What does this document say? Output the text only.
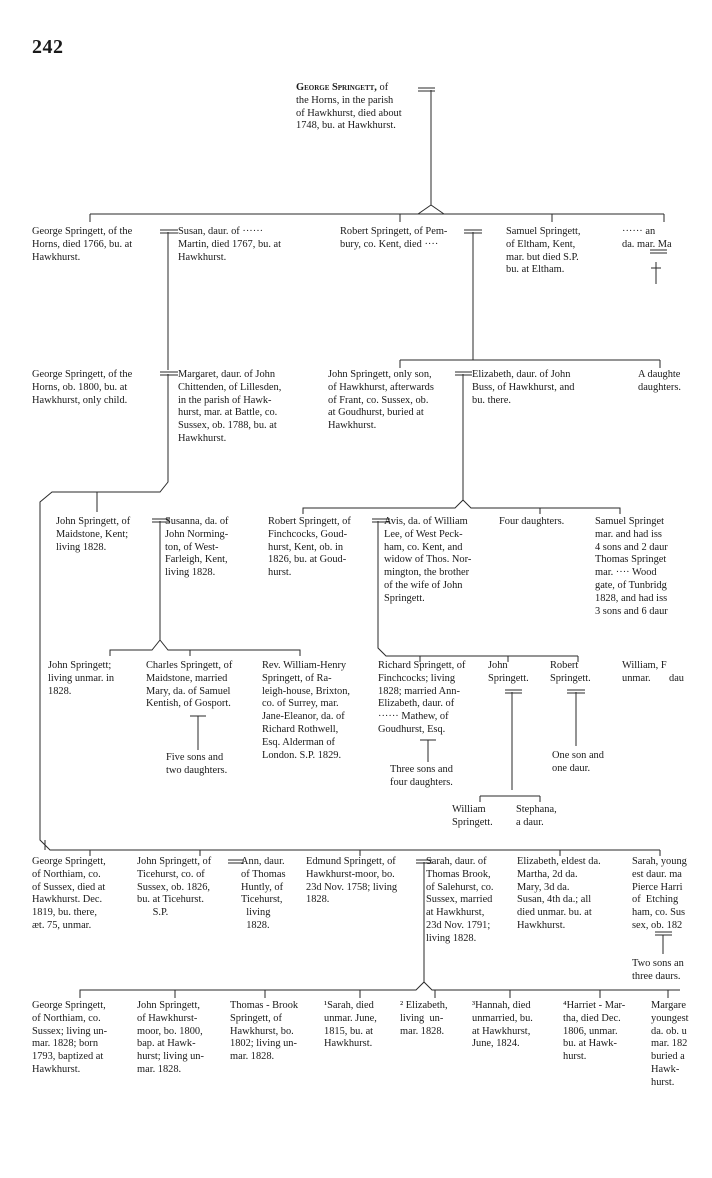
242
George Springett, of
the Horns, in the parish
of Hawkhurst, died about
1748, bu. at Hawkhurst.
George Springett, of the
Horns, died 1766, bu. at
Hawkhurst.
Susan, daur. of ······
Martin, died 1767, bu. at
Hawkhurst.
Robert Springett, of Pem-
bury, co. Kent, died ····
Samuel Springett,
of Eltham, Kent,
mar. but died S.P.
bu. at Eltham.
······ an
da. mar. Ma
George Springett, of the
Horns, ob. 1800, bu. at
Hawkhurst, only child.
Margaret, daur. of John
Chittenden, of Lillesden,
in the parish of Hawk-
hurst, mar. at Battle, co.
Sussex, ob. 1788, bu. at
Hawkhurst.
John Springett, only son,
of Hawkhurst, afterwards
of Frant, co. Sussex, ob.
at Goudhurst, buried at
Hawkhurst.
Elizabeth, daur. of John
Buss, of Hawkhurst, and
bu. there.
A daughte
daughters.
John Springett, of
Maidstone, Kent;
living 1828.
Susanna, da. of
John Norming-
ton, of West-
Farleigh, Kent,
living 1828.
Robert Springett, of
Finchcocks, Goud-
hurst, Kent, ob. in
1826, bu. at Goud-
hurst.
Avis, da. of William
Lee, of West Peck-
ham, co. Kent, and
widow of Thos. Nor-
mington, the brother
of the wife of John
Springett.
Four daughters.	Samuel Springet
mar. and had iss
4 sons and 2 daur
Thomas Springet
mar. ···· Wood
gate, of Tunbridg
1828, and had iss
3 sons and 6 daur
John Springett;
living unmar. in
1828.
Charles Springett, of
Maidstone, married
Mary, da. of Samuel
Kentish, of Gosport.
Five sons and
two daughters.
Rev. William-Henry
Springett, of Ra-
leigh-house, Brixton,
co. of Surrey, mar.
Jane-Eleanor, da. of
Richard Rothwell,
Esq. Alderman of
London. S.P. 1829.
Richard Springett, of
Finchcocks; living
1828; married Ann-
Elizabeth, daur. of
······ Mathew, of
Goudhurst, Esq.
Three sons and
four daughters.
John
Springett.
Robert
Springett.
One son and
one daur.
William, F
unmar.	dau
William
Springett.
Stephana,
a daur.
George Springett,
of Northiam, co.
of Sussex, died at
Hawkhurst. Dec.
1819, bu. there,
æt. 75, unmar.
John Springett, of
Ticehurst, co. of
Sussex, ob. 1826,
bu. at Ticehurst.
S.P.
Ann, daur.
of Thomas
Huntly, of
Ticehurst,
living
1828.
Edmund Springett, of
Hawkhurst-moor, bo.
23d Nov. 1758; living
1828.
Sarah, daur. of
Thomas Brook,
of Salehurst, co.
Sussex, married
at Hawkhurst,
23d Nov. 1791;
living 1828.
Elizabeth, eldest da.
Martha, 2d da.
Mary, 3d da.
Susan, 4th da.; all
died unmar. bu. at
Hawkhurst.
Sarah, young
est daur. ma
Pierce Harri
of  Etching
ham, co. Sus
sex, ob. 182
Two sons an
three daurs.
George Springett,
of Northiam, co.
Sussex; living un-
mar. 1828; born
1793, baptized at
Hawkhurst.
John Springett,
of Hawkhurst-
moor, bo. 1800,
bap. at Hawk-
hurst; living un-
mar. 1828.
Thomas - Brook
Springett, of
Hawkhurst, bo.
1802; living un-
mar. 1828.
¹Sarah, died
unmar. June,
1815, bu. at
Hawkhurst.
² Elizabeth,
living  un-
mar. 1828.
³Hannah, died
unmarried, bu.
at Hawkhurst,
June, 1824.
⁴Harriet - Mar-
tha, died Dec.
1806, unmar.
bu. at Hawk-
hurst.
Margare
youngest
da. ob. u
mar. 182
buried a
Hawk-
hurst.
